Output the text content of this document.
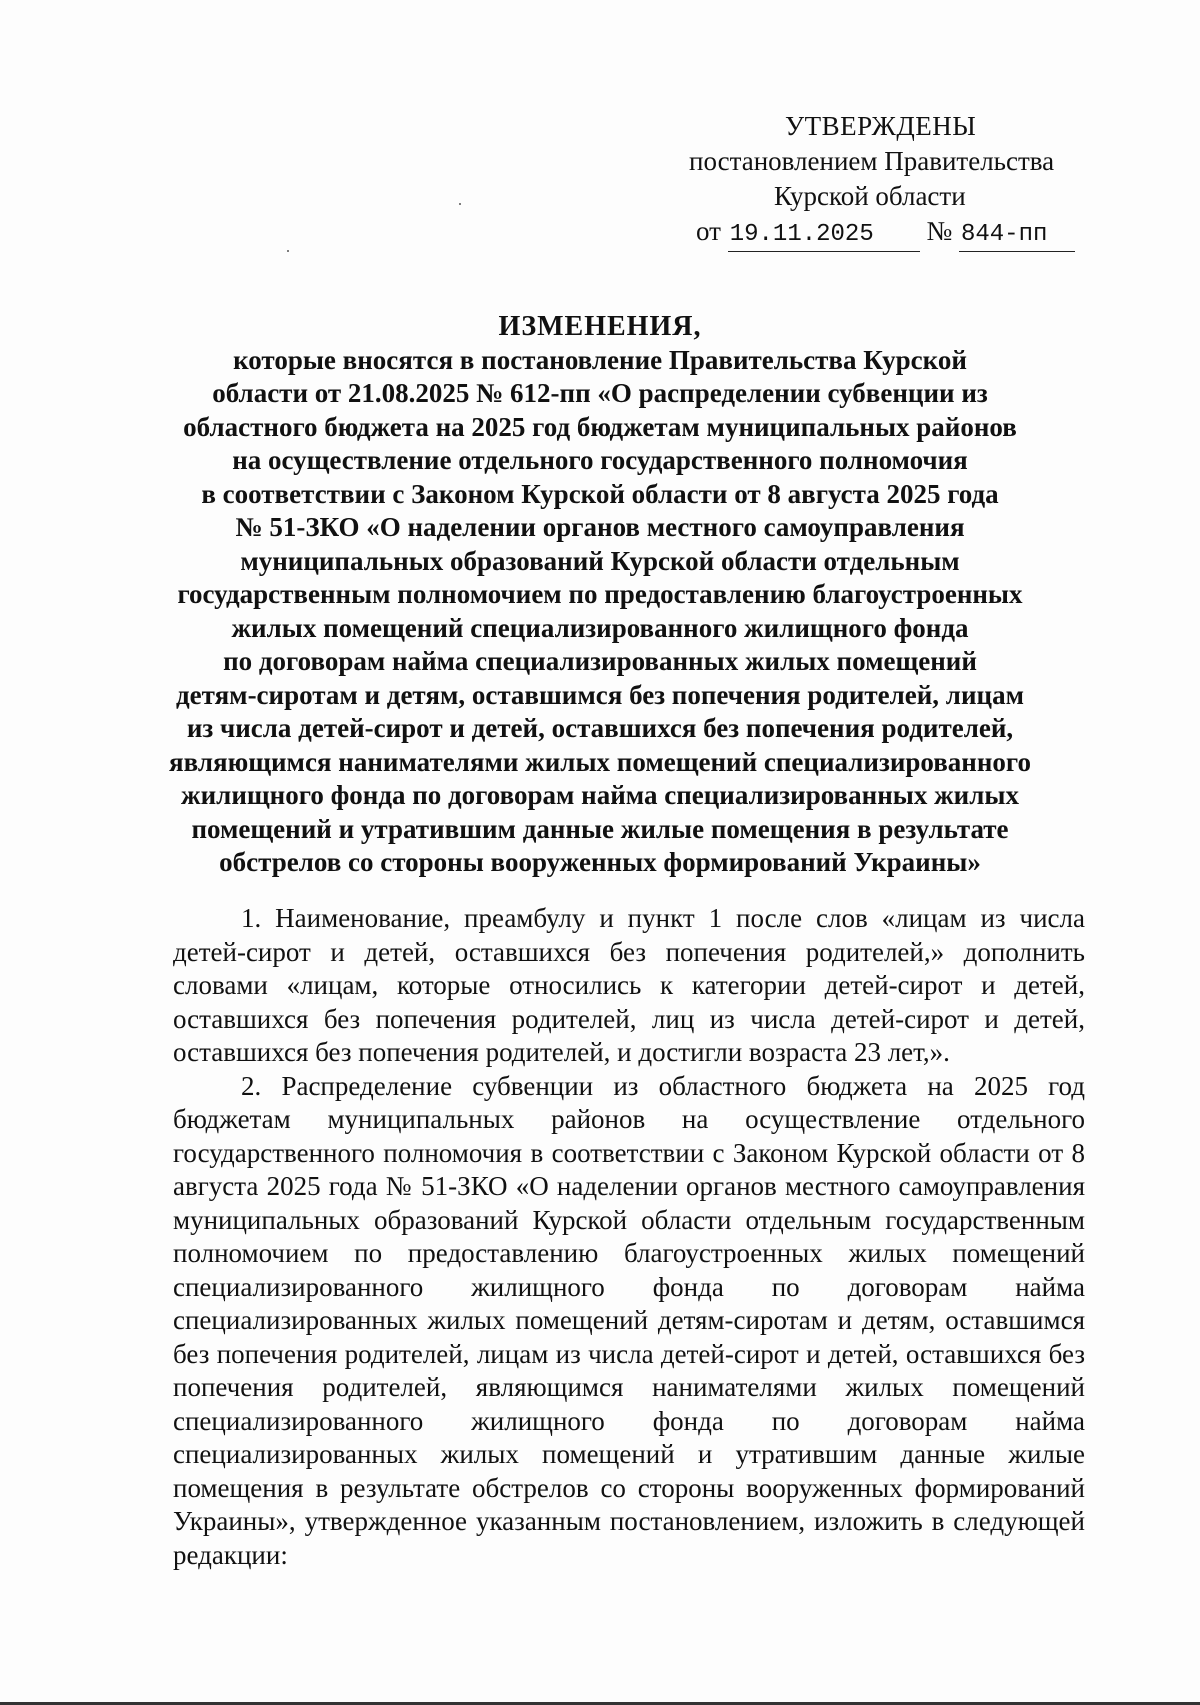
УТВЕРЖДЕНЫ
постановлением Правительства
Курской области
от 19.11.2025 № 844-пп
ИЗМЕНЕНИЯ,
которые вносятся в постановление Правительства Курской
области от 21.08.2025 № 612-пп «О распределении субвенции из
областного бюджета на 2025 год бюджетам муниципальных районов
на осуществление отдельного государственного полномочия
в соответствии с Законом Курской области от 8 августа 2025 года
№ 51-ЗКО «О наделении органов местного самоуправления
муниципальных образований Курской области отдельным
государственным полномочием по предоставлению благоустроенных
жилых помещений специализированного жилищного фонда
по договорам найма специализированных жилых помещений
детям-сиротам и детям, оставшимся без попечения родителей, лицам
из числа детей-сирот и детей, оставшихся без попечения родителей,
являющимся нанимателями жилых помещений специализированного
жилищного фонда по договорам найма специализированных жилых
помещений и утратившим данные жилые помещения в результате
обстрелов со стороны вооруженных формирований Украины»

1. Наименование, преамбулу и пункт 1 после слов «лицам из числа детей-сирот и детей, оставшихся без попечения родителей,» дополнить словами «лицам, которые относились к категории детей-сирот и детей, оставшихся без попечения родителей, лиц из числа детей-сирот и детей, оставшихся без попечения родителей, и достигли возраста 23 лет,».

2. Распределение субвенции из областного бюджета на 2025 год бюджетам муниципальных районов на осуществление отдельного государственного полномочия в соответствии с Законом Курской области от 8 августа 2025 года № 51-ЗКО «О наделении органов местного самоуправления муниципальных образований Курской области отдельным государственным полномочием по предоставлению благоустроенных жилых помещений специализированного жилищного фонда по договорам найма специализированных жилых помещений детям-сиротам и детям, оставшимся без попечения родителей, лицам из числа детей-сирот и детей, оставшихся без попечения родителей, являющимся нанимателями жилых помещений специализированного жилищного фонда по договорам найма специализированных жилых помещений и утратившим данные жилые помещения в результате обстрелов со стороны вооруженных формирований Украины», утвержденное указанным постановлением, изложить в следующей редакции:
